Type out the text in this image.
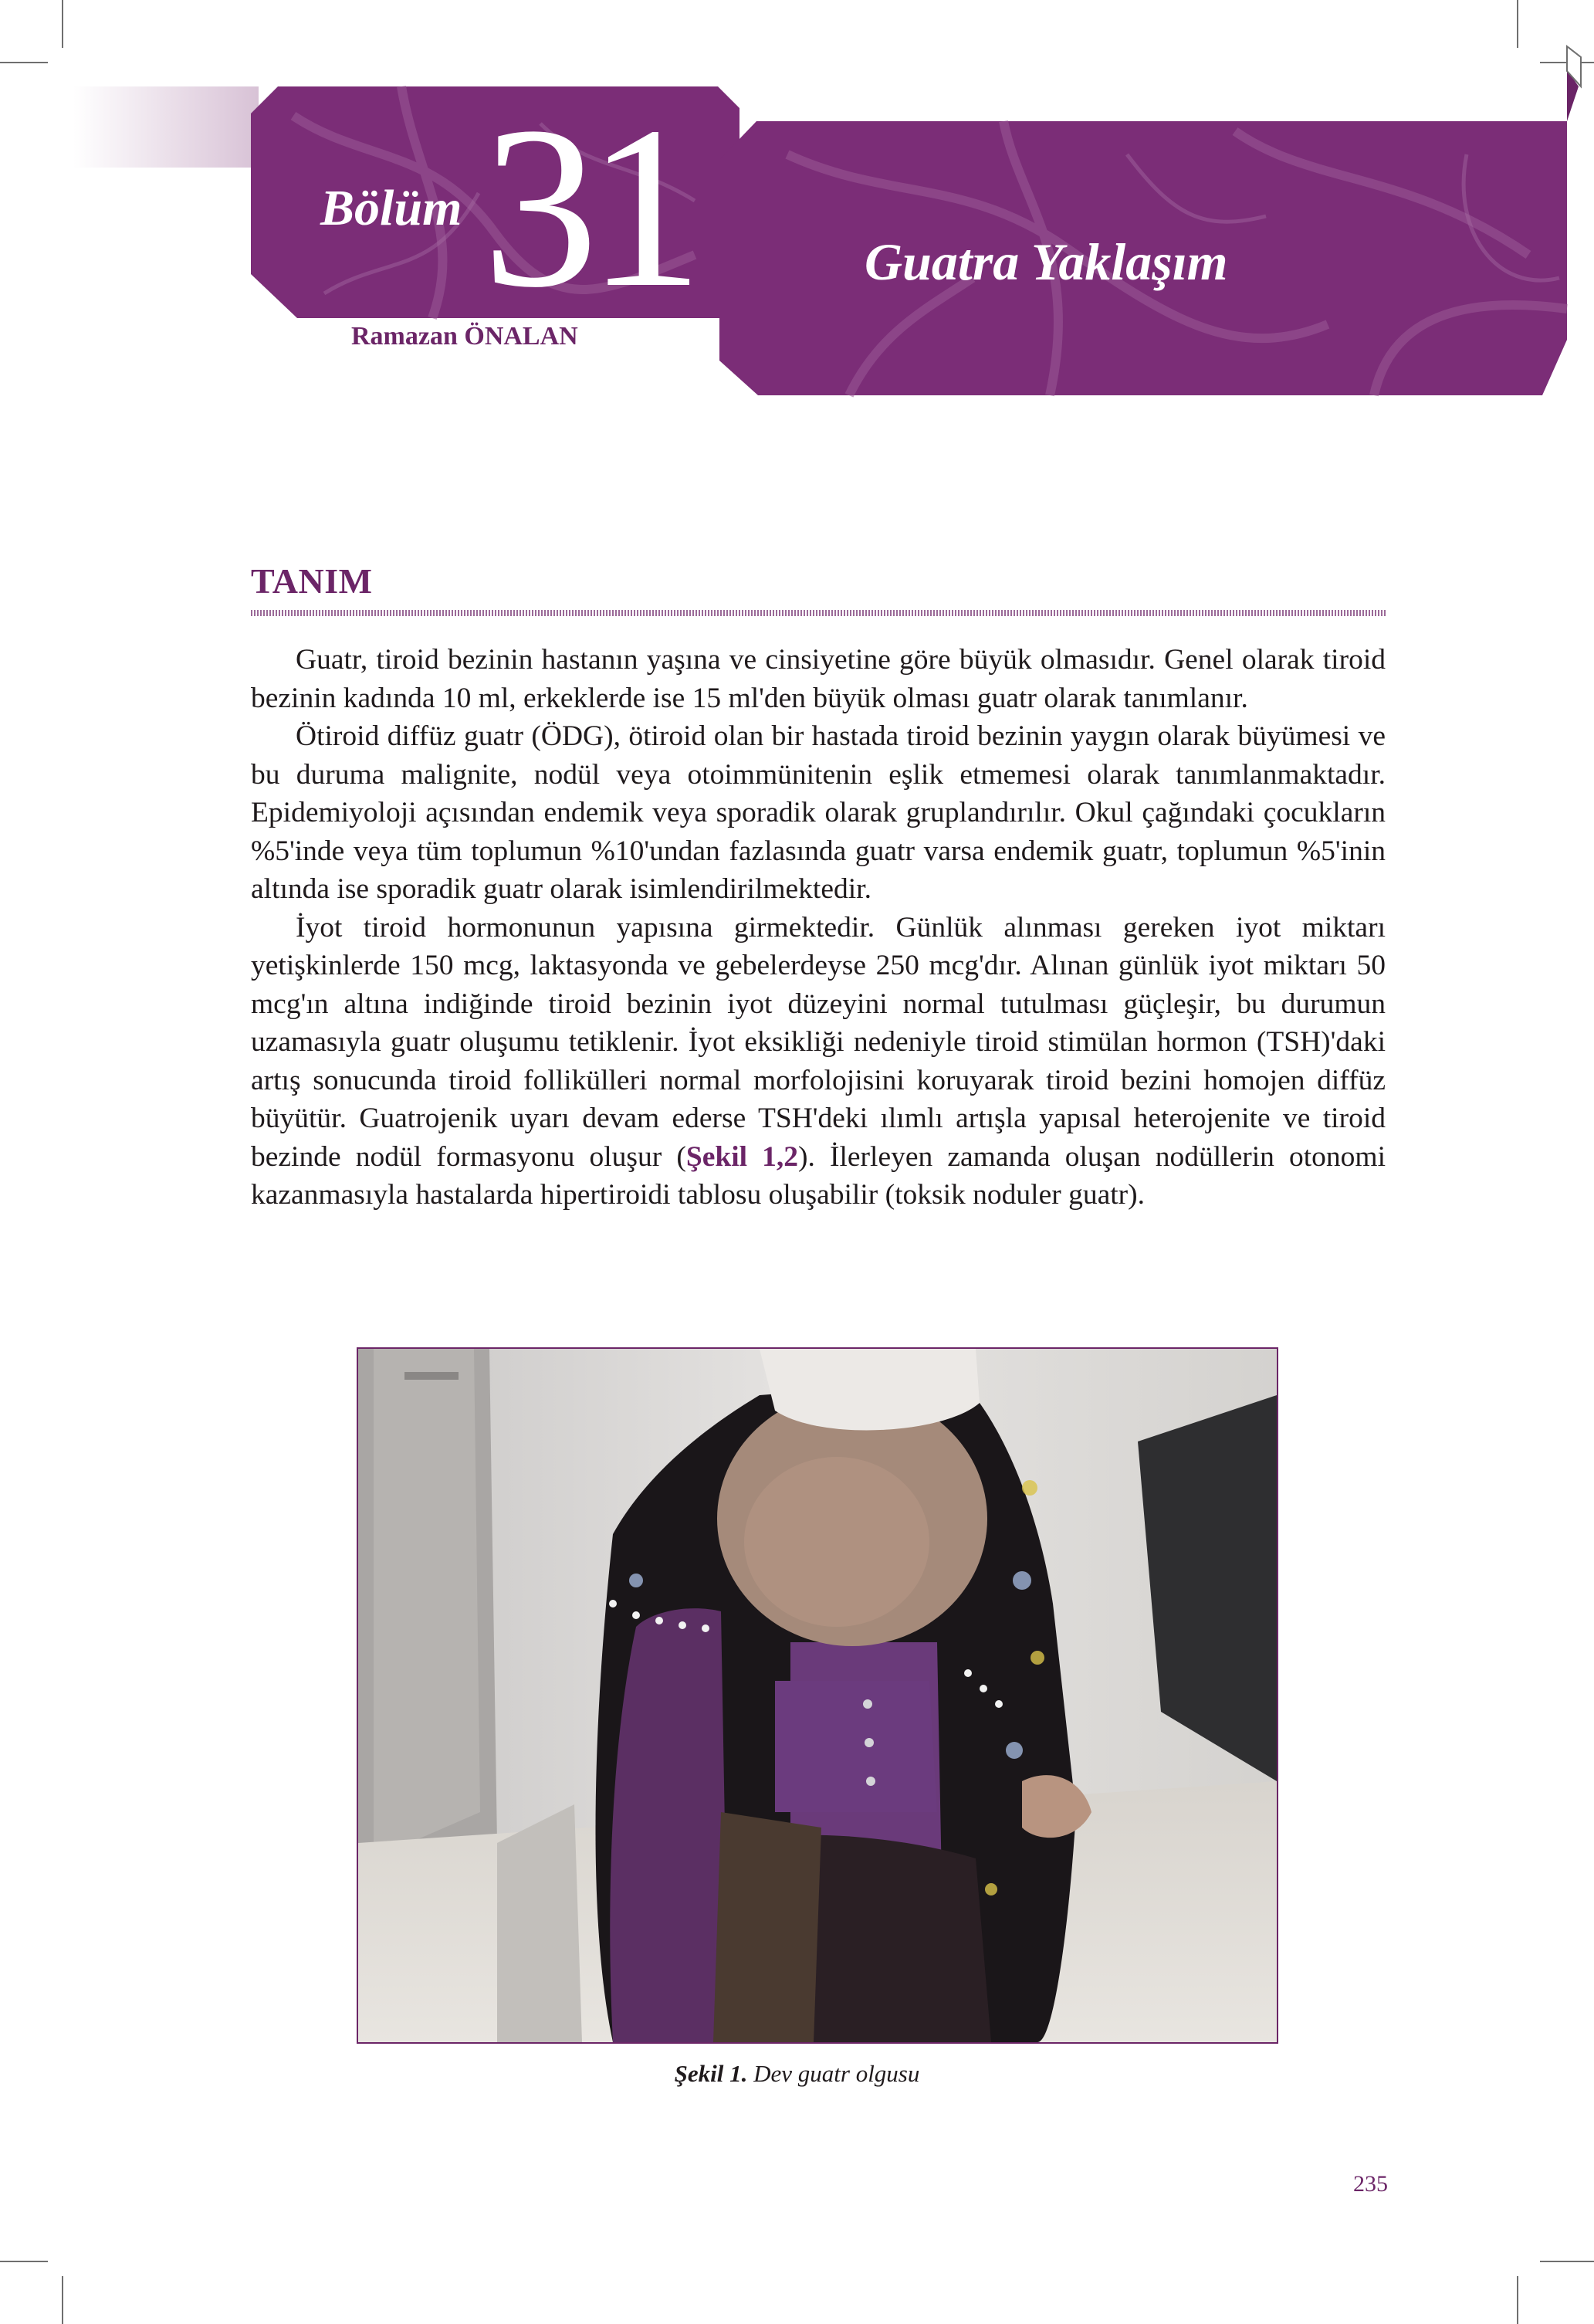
Bölüm 31	Guatra Yaklaşım
Ramazan ÖNALAN
TANIM

Guatr, tiroid bezinin hastanın yaşına ve cinsiyetine göre büyük olmasıdır. Genel olarak tiroid bezinin kadında 10 ml, erkeklerde ise 15 ml'den büyük olması guatr olarak tanımlanır.

Ötiroid diffüz guatr (ÖDG), ötiroid olan bir hastada tiroid bezinin yaygın olarak büyümesi ve bu duruma malignite, nodül veya otoimmünitenin eşlik etmemesi olarak tanımlanmaktadır. Epidemiyoloji açısından endemik veya sporadik olarak gruplandırılır. Okul çağındaki çocukların %5'inde veya tüm toplumun %10'undan fazlasında guatr varsa endemik guatr, toplumun %5'inin altında ise sporadik guatr olarak isimlendirilmektedir.

İyot tiroid hormonunun yapısına girmektedir. Günlük alınması gereken iyot miktarı yetişkinlerde 150 mcg, laktasyonda ve gebelerdeyse 250 mcg'dır. Alınan günlük iyot miktarı 50 mcg'ın altına indiğinde tiroid bezinin iyot düzeyini normal tutulması güçleşir, bu durumun uzamasıyla guatr oluşumu tetiklenir. İyot eksikliği nedeniyle tiroid stimülan hormon (TSH)'daki artış sonucunda tiroid follikülleri normal morfolojisini koruyarak tiroid bezini homojen diffüz büyütür. Guatrojenik uyarı devam ederse TSH'deki ılımlı artışla yapısal heterojenite ve tiroid bezinde nodül formasyonu oluşur (Şekil 1,2). İlerleyen zamanda oluşan nodüllerin otonomi kazanmasıyla hastalarda hipertiroidi tablosu oluşabilir (toksik noduler guatr).

Şekil 1. Dev guatr olgusu
235
